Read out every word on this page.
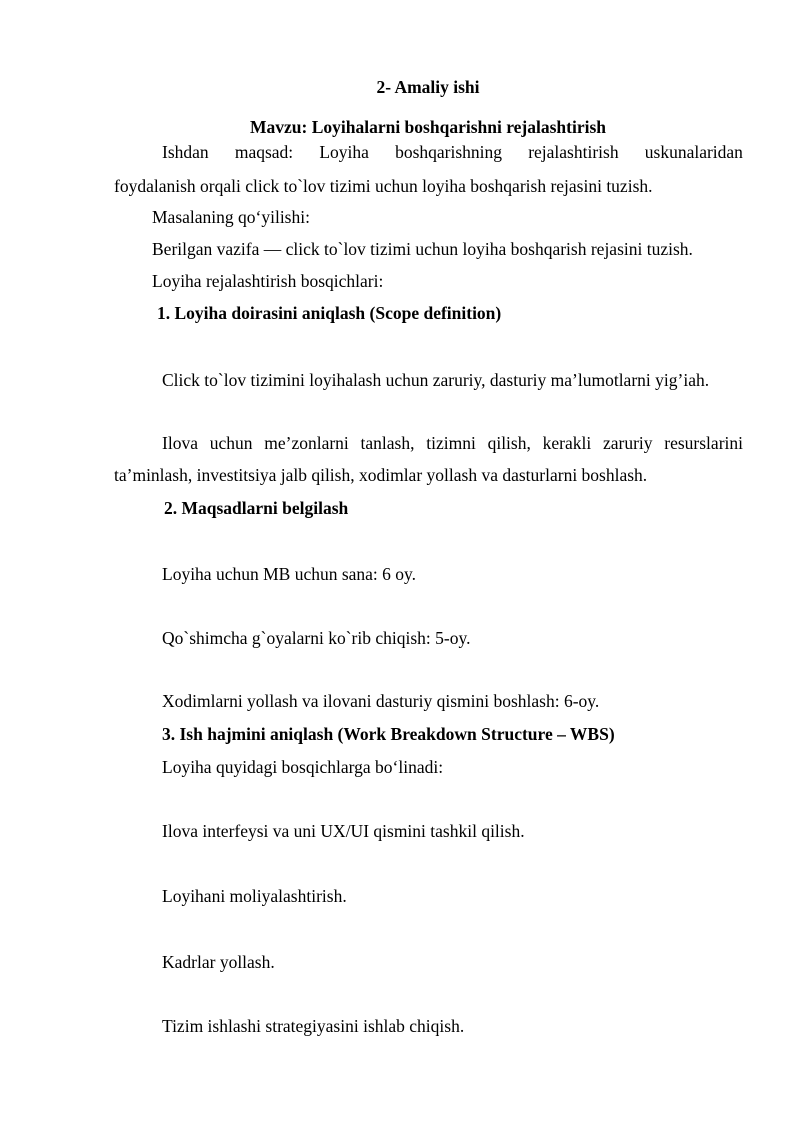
2- Amaliy ishi
Mavzu: Loyihalarni boshqarishni rejalashtirish
Ishdan maqsad: Loyiha boshqarishning rejalashtirish uskunalaridan
foydalanish orqali click to`lov tizimi uchun loyiha boshqarish rejasini tuzish.
Masalaning qo‘yilishi:
Berilgan vazifa — click to`lov tizimi uchun loyiha boshqarish rejasini tuzish.
Loyiha rejalashtirish bosqichlari:
1. Loyiha doirasini aniqlash (Scope definition)
Click to`lov tizimini loyihalash uchun zaruriy, dasturiy ma’lumotlarni yig’iah.
Ilova uchun me’zonlarni tanlash, tizimni qilish, kerakli zaruriy resurslarini
ta’minlash, investitsiya jalb qilish, xodimlar yollash va dasturlarni boshlash.
2. Maqsadlarni belgilash
Loyiha uchun MB uchun sana: 6 oy.
Qo`shimcha g`oyalarni ko`rib chiqish: 5-oy.
Xodimlarni yollash va ilovani dasturiy qismini boshlash: 6-oy.
3. Ish hajmini aniqlash (Work Breakdown Structure – WBS)
Loyiha quyidagi bosqichlarga bo‘linadi:
Ilova interfeysi va uni UX/UI qismini tashkil qilish.
Loyihani moliyalashtirish.
Kadrlar yollash.
Tizim ishlashi strategiyasini ishlab chiqish.
